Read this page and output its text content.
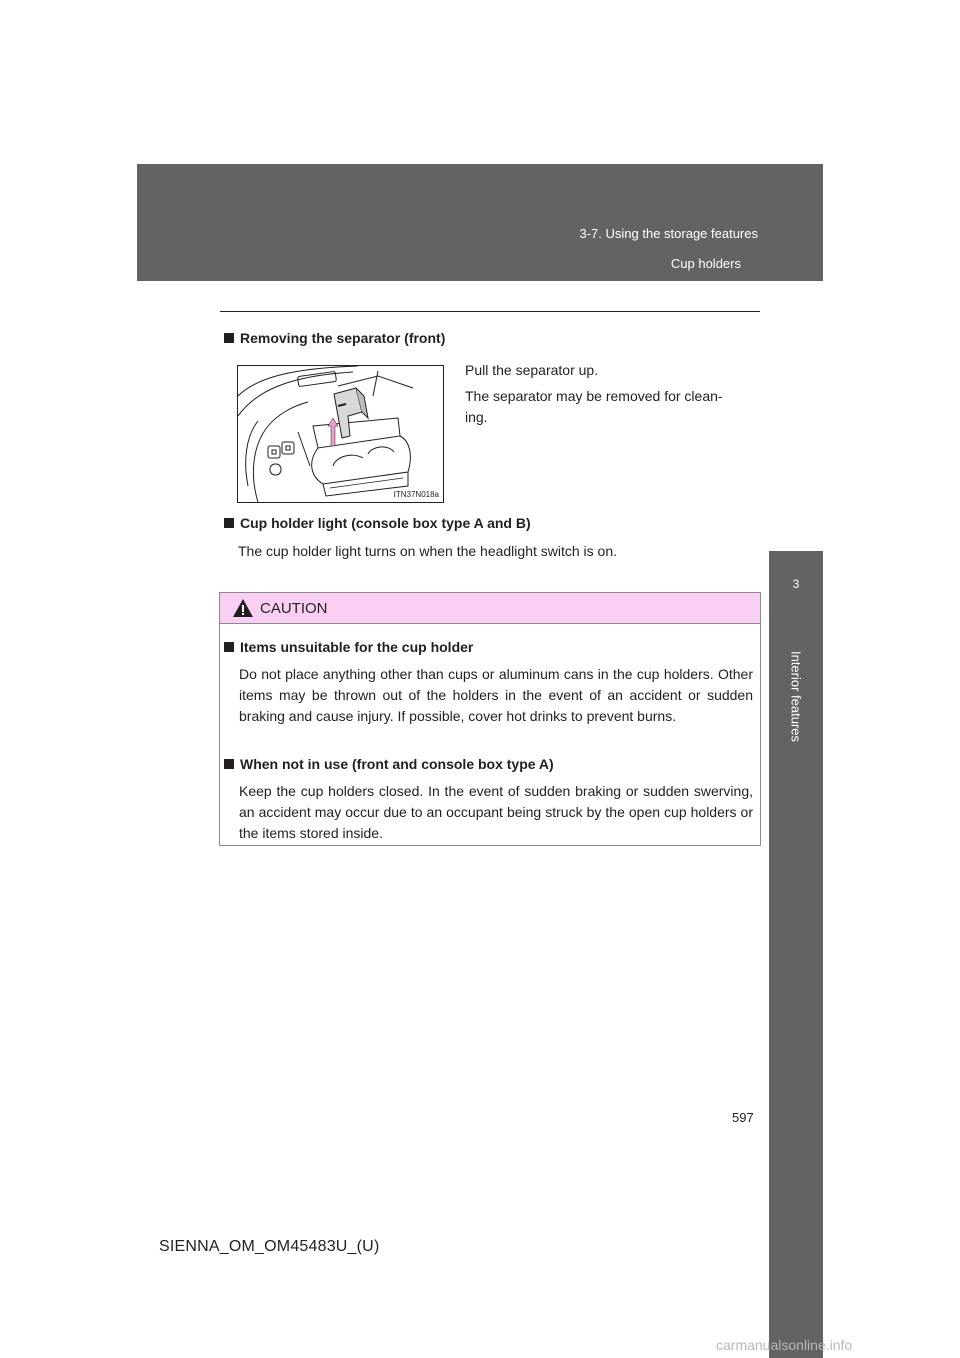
3-7. Using the storage features
Cup holders
3
Interior features
Removing the separator (front)
ITN37N018a
Pull the separator up.
The separator may be removed for clean-
ing.
Cup holder light (console box type A and B)
The cup holder light turns on when the headlight switch is on.
CAUTION
Items unsuitable for the cup holder
Do not place anything other than cups or aluminum cans in the cup holders. Other items may be thrown out of the holders in the event of an accident or sudden braking and cause injury. If possible, cover hot drinks to prevent burns.
When not in use (front and console box type A)
Keep the cup holders closed. In the event of sudden braking or sudden swerving, an accident may occur due to an occupant being struck by the open cup holders or the items stored inside.
597
SIENNA_OM_OM45483U_(U)
carmanualsonline.info
